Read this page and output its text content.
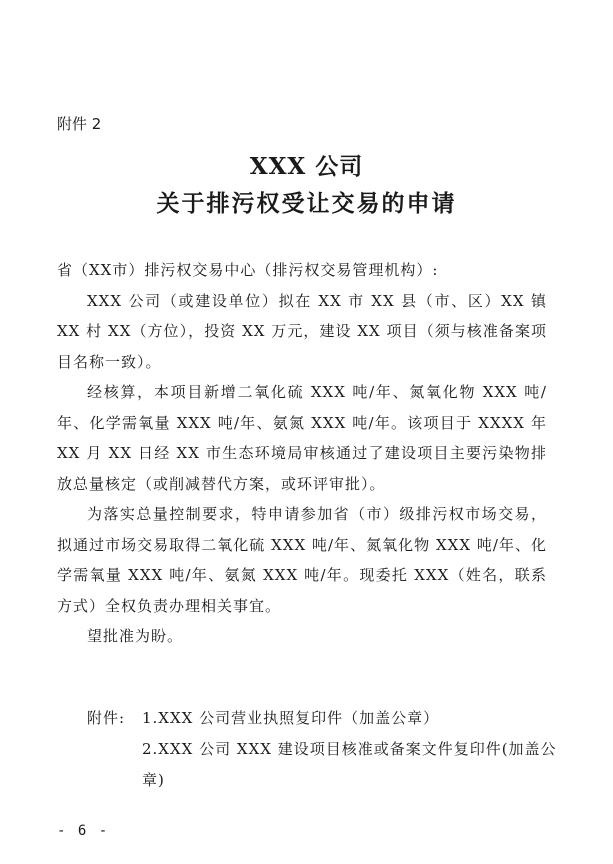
附件 2
XXX 公司
关于排污权受让交易的申请

省（XX市）排污权交易中心（排污权交易管理机构）:

XXX 公司（或建设单位）拟在 XX 市 XX 县（市、区）XX 镇 XX 村 XX（方位），投资 XX 万元，建设 XX 项目（须与核准备案项目名称一致）。

经核算，本项目新增二氧化硫 XXX 吨/年、氮氧化物 XXX 吨/年、化学需氧量 XXX 吨/年、氨氮 XXX 吨/年。该项目于 XXXX 年 XX 月 XX 日经 XX 市生态环境局审核通过了建设项目主要污染物排放总量核定（或削减替代方案，或环评审批）。

为落实总量控制要求，特申请参加省（市）级排污权市场交易，拟通过市场交易取得二氧化硫 XXX 吨/年、氮氧化物 XXX 吨/年、化学需氧量 XXX 吨/年、氨氮 XXX 吨/年。现委托 XXX（姓名，联系方式）全权负责办理相关事宜。

望批准为盼。

附件:	1.XXX 公司营业执照复印件（加盖公章）
2.XXX 公司 XXX 建设项目核准或备案文件复印件(加盖公章)
- 6 -
